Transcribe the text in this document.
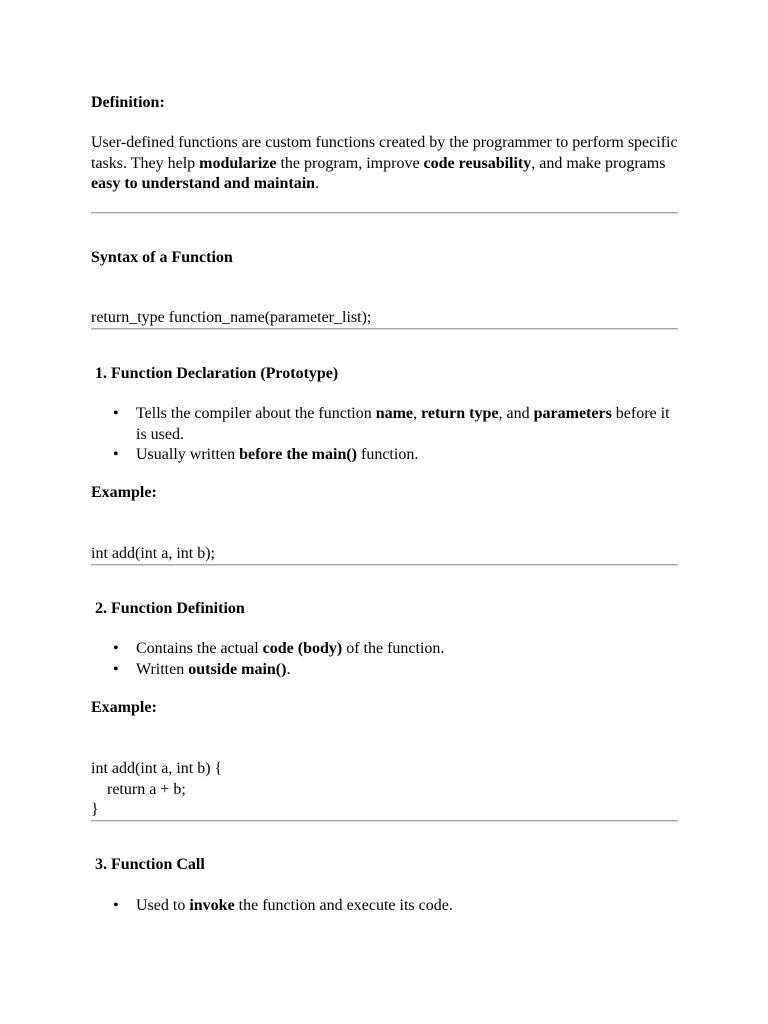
Definition:

User-defined functions are custom functions created by the programmer to perform specific tasks. They help modularize the program, improve code reusability, and make programs easy to understand and maintain.

Syntax of a Function

return_type function_name(parameter_list);

1. Function Declaration (Prototype)

• Tells the compiler about the function name, return type, and parameters before it is used.
• Usually written before the main() function.

Example:

int add(int a, int b);

2. Function Definition

• Contains the actual code (body) of the function.
• Written outside main().

Example:

int add(int a, int b) {
return a + b;
}

3. Function Call

• Used to invoke the function and execute its code.
